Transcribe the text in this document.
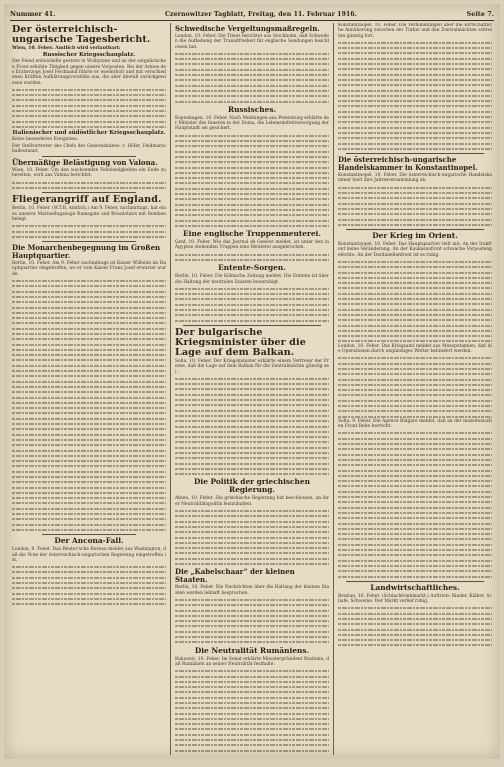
Nummer 41.	Czernowitzer Tagblatt, Freitag, den 11. Februar 1916.	Seite 7.
Der österreichisch-ungarische Tagesbericht.

Wien, 10. Feber. Amtlich wird verlautbart:

Russischer Kriegsschauplatz.

Der Feind entwickelte gestern in Wolhynien und an der ostgalizischen Front erhöhte Tätigkeit gegen unsere Vorposten. Bei der Armee des Erzherzogs Josef Ferdinand führte er wiederholt und mit verschiedenen Kräften Aufklärungsvorstöße aus, die aber überall zurückgewiesen wurden.

Italienischer und südöstlicher Kriegsschauplatz.

Keine besonderen Ereignisse.

Der Stellvertreter des Chefs des Generalstabes: v. Höfer, Feldmarschalleutnant.

Übermäßige Belästigung von Valona.

Wien, 10. Feber. Um den wachsenden Feindseligkeiten ein Ende zu bereiten, wird aus Valona berichtet.

Fliegerangriff auf England.

Berlin, 10. Feber. (W.T.B. Amtlich.) Am 9. Feber, nachmittags, hat eines unserer Marineflugzeuge Ramsgate und Broadstairs mit Bomben belegt.

Die Monarchenbegegnung im Großen Hauptquartier.

Berlin, 10. Feber. Am 9. Feber nachmittags ist Kaiser Wilhelm im Hauptquartier eingetroffen, wo er vom Kaiser Franz Josef erwartet wurde.

Der Ancona-Fall.

London, 9. Feber. Das Reuter'sche Bureau meldet aus Washington, daß die Note der österreichisch-ungarischen Regierung eingetroffen ist.

Schwedische Vergeltungsmaßregeln.

London, 10. Feber. Die Times berichtet aus Stockholm, daß Schweden die Aufhebung der Transitfreiheit für englische Sendungen beschlossen hat.

Russisches.

Kopenhagen, 10. Feber. Nach Meldungen aus Petersburg erklärte der Minister des Inneren in der Duma, die Lebensmittelversorgung der Hauptstadt sei gesichert.

Eine englische Truppenmeuterei.

Genf, 10. Feber. Wie das Journal de Genève meldet, ist unter den in Ägypten stehenden Truppen eine Meuterei ausgebrochen.

Entente-Sorgen.

Berlin, 10. Feber. Die Kölnische Zeitung meldet: Die Entente ist über die Haltung der neutralen Staaten beunruhigt.

Der bulgarische Kriegsminister über die Lage auf dem Balkan.

Sofia, 10. Feber. Der Kriegsminister erklärte einem Vertreter der Presse, daß die Lage auf dem Balkan für die Zentralmächte günstig sei.

Die Politik der griechischen Regierung.

Athen, 10. Feber. Die griechische Regierung hat beschlossen, an ihrer Neutralitätspolitik festzuhalten.

Die „Kabelschaar“ der kleinen Staaten.

Berlin, 10. Feber. Die Nachrichten über die Haltung der kleinen Staaten werden lebhaft besprochen.

Die Neutralität Rumäniens.

Bukarest, 10. Feber. Im Senat erklärte Ministerpräsident Bratianu, daß Rumänien an seiner Neutralität festhalte.

Konstantinopel, 10. Feber. Die Verhandlungen über die wirtschaftliche Annäherung zwischen der Türkei und den Zentralmächten schreiten günstig fort.

Die österreichisch-ungarische Handelskammer in Konstantinopel.

Konstantinopel, 10. Feber. Die österreichisch-ungarische Handelskammer hielt ihre Jahresversammlung ab.

Der Krieg im Orient.

Konstantinopel, 10. Feber. Das Hauptquartier teilt mit: An der Irakfront keine Veränderung. An der Kaukasusfront schwache Vorpostengefechte. An der Dardanellenfront ist es ruhig.

London, 10. Feber. Das Kriegsamt meldet aus Mesopotamien, daß die Operationen durch ungünstiges Wetter behindert werden.

Sofia, 9. Feber. Die Agence Bulgare meldet, daß an der mazedonischen Front Ruhe herrscht.

Landwirtschaftliches.

Breslau, 10. Feber. (Schlachtviehmarkt.) Auftrieb: Rinder, Kälber, Schafe, Schweine. Der Markt verlief ruhig.
